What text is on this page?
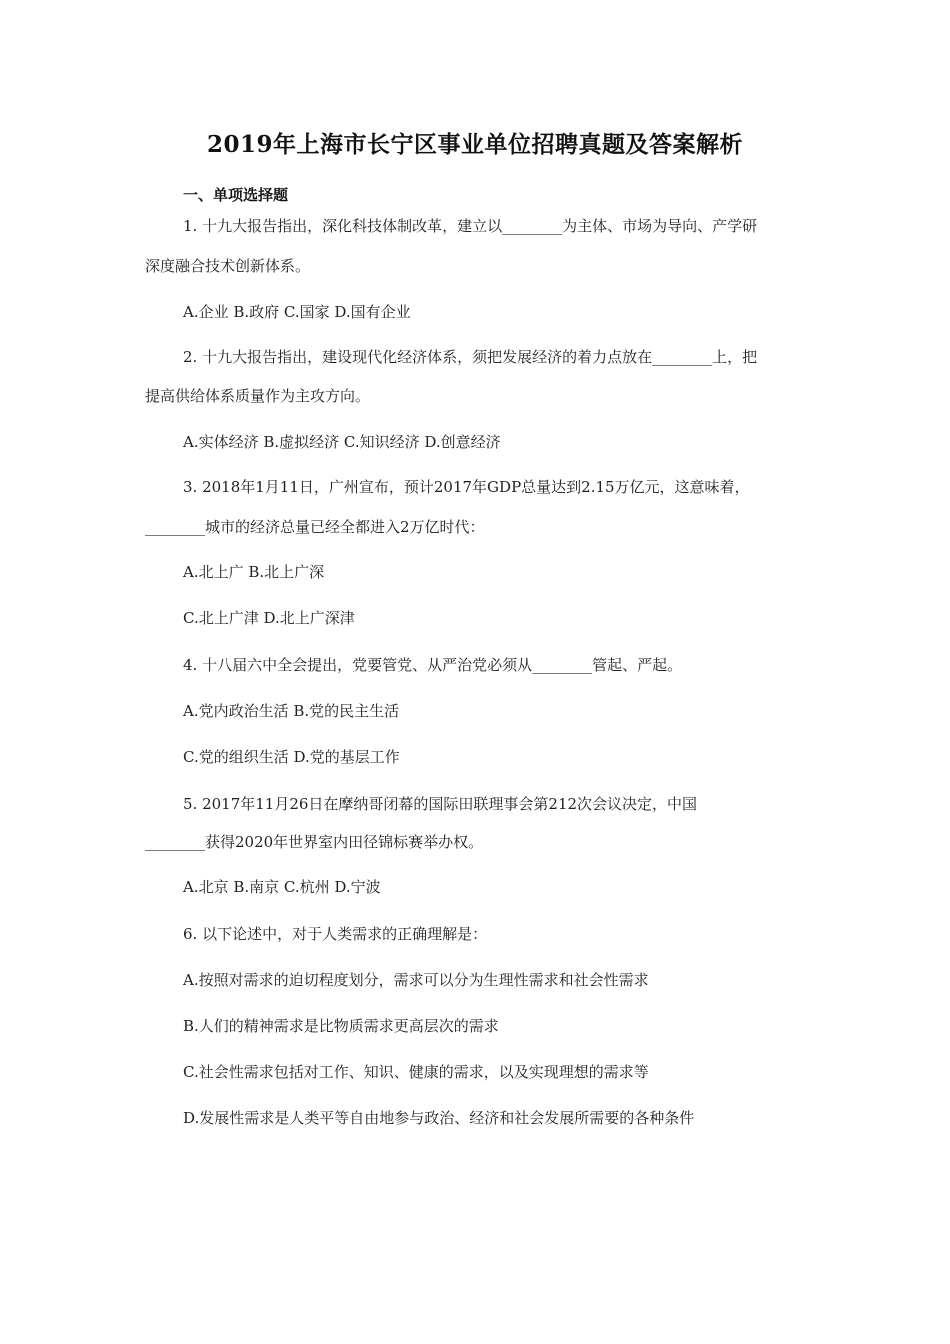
2019年上海市长宁区事业单位招聘真题及答案解析
一、单项选择题
1. 十九大报告指出，深化科技体制改革，建立以________为主体、市场为导向、产学研
深度融合技术创新体系。
A.企业 B.政府 C.国家 D.国有企业
2. 十九大报告指出，建设现代化经济体系，须把发展经济的着力点放在________上，把
提高供给体系质量作为主攻方向。
A.实体经济 B.虚拟经济 C.知识经济 D.创意经济
3. 2018年1月11日，广州宣布，预计2017年GDP总量达到2.15万亿元，这意味着，
________城市的经济总量已经全都进入2万亿时代：
A.北上广 B.北上广深
C.北上广津 D.北上广深津
4. 十八届六中全会提出，党要管党、从严治党必须从________管起、严起。
A.党内政治生活 B.党的民主生活
C.党的组织生活 D.党的基层工作
5. 2017年11月26日在摩纳哥闭幕的国际田联理事会第212次会议决定，中国
________获得2020年世界室内田径锦标赛举办权。
A.北京 B.南京 C.杭州 D.宁波
6. 以下论述中，对于人类需求的正确理解是：
A.按照对需求的迫切程度划分，需求可以分为生理性需求和社会性需求
B.人们的精神需求是比物质需求更高层次的需求
C.社会性需求包括对工作、知识、健康的需求，以及实现理想的需求等
D.发展性需求是人类平等自由地参与政治、经济和社会发展所需要的各种条件
